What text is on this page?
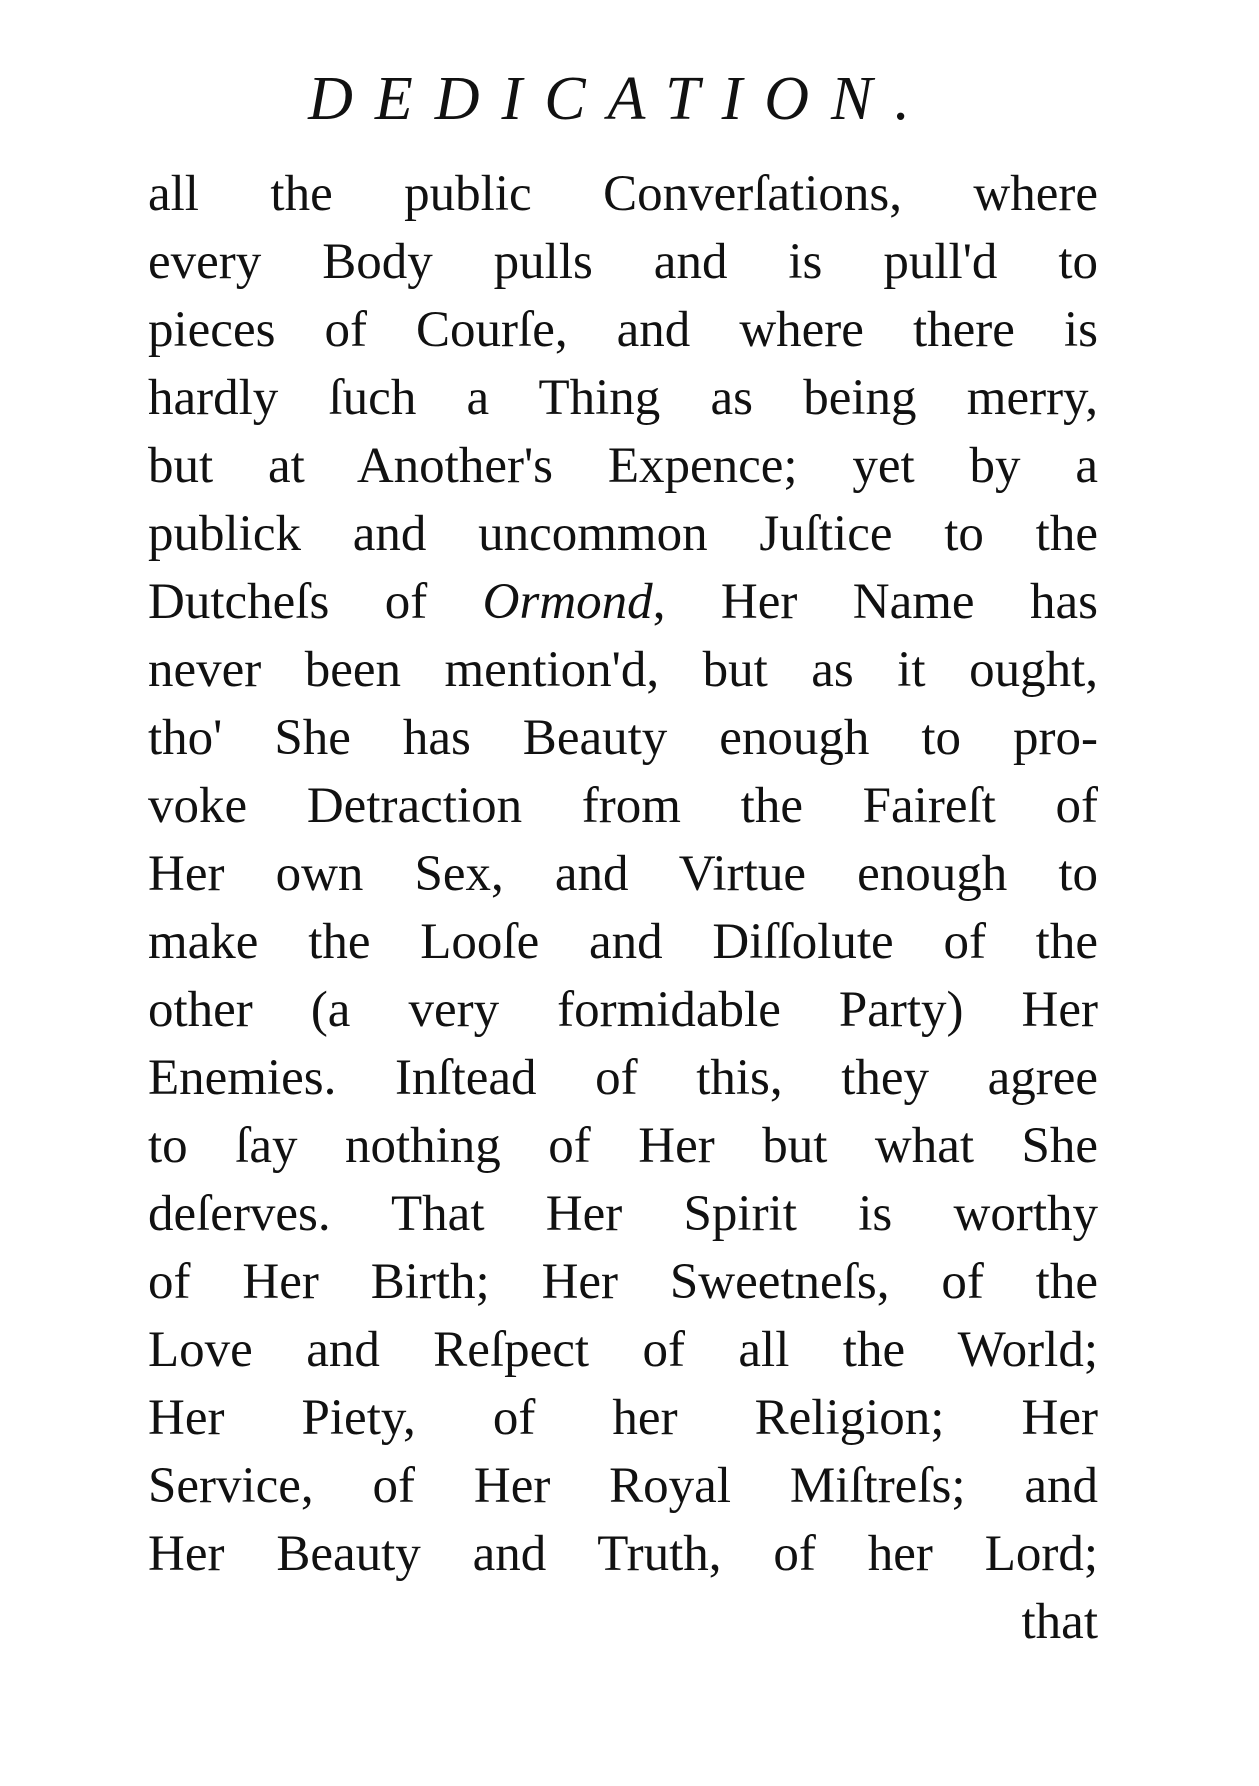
DEDICATION.
all the public Converſations, where
every Body pulls and is pull'd to
pieces of Courſe, and where there is
hardly ſuch a Thing as being merry,
but at Another's Expence; yet by a
publick and uncommon Juſtice to the
Dutcheſs of Ormond, Her Name has
never been mention'd, but as it ought,
tho' She has Beauty enough to pro-
voke Detraction from the Faireſt of
Her own Sex, and Virtue enough to
make the Looſe and Diſſolute of the
other (a very formidable Party) Her
Enemies. Inſtead of this, they agree
to ſay nothing of Her but what She
deſerves. That Her Spirit is worthy
of Her Birth; Her Sweetneſs, of the
Love and Reſpect of all the World;
Her Piety, of her Religion; Her
Service, of Her Royal Miſtreſs; and
Her Beauty and Truth, of her Lord;
that
